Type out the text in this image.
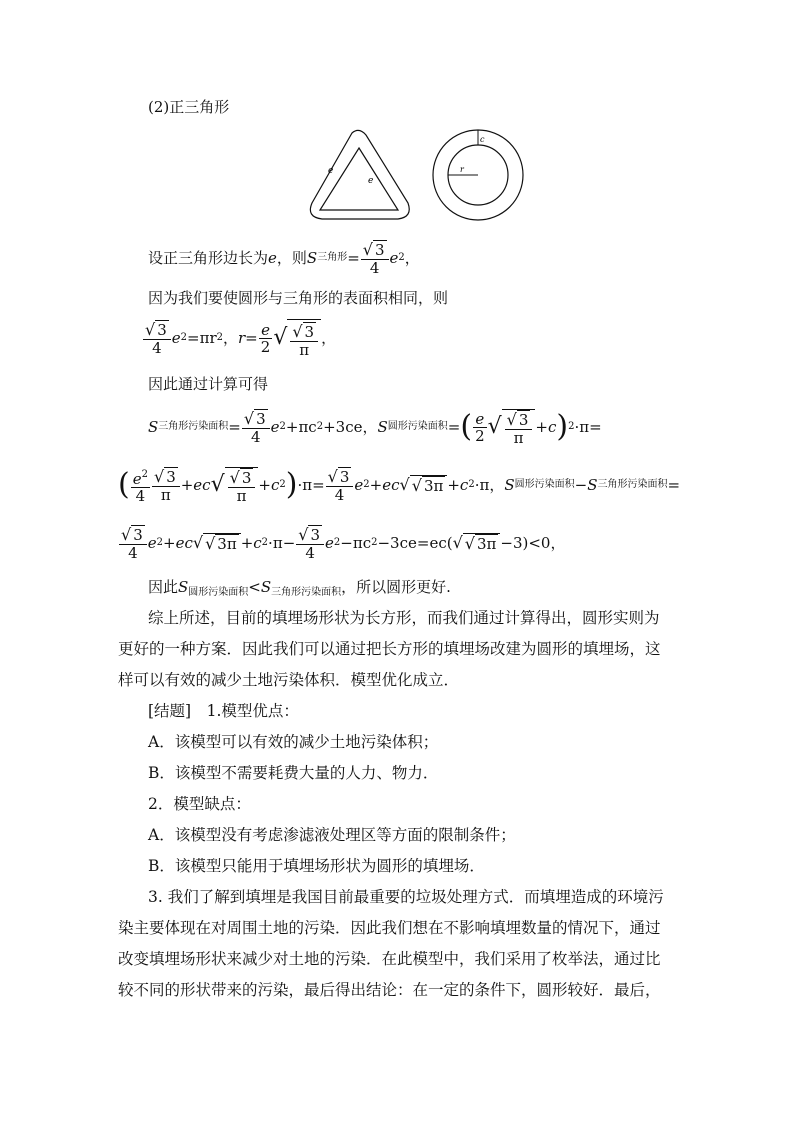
(2)正三角形
e
e
c
r
设正三角形边长为 e ，则 S 三角形 = $\frac{√ 3}{4}$ e 2 ，
因为我们要使圆形与三角形的表面积相同，则
$\frac{√ 3}{4}$ e 2 =πr 2 ， $r= \frac{e}{2}$ √ $\frac{√ 3}{\pi}$ ，
因此通过计算可得
S 三角形污染面积 = $\frac{√ 3}{4}$ e 2 +πc 2 +3ce ， S 圆形污染面积 = ( $\frac{e}{2}$ √ $\frac{√ 3}{\pi} +c$ ) 2 ·π=
( $\frac{e^2}{4} \frac{√ 3}{\pi} +ec$ √ $\frac{√ 3}{\pi} +c$ 2 ) $\cdot\pi= \frac{√ 3}{4}$ e 2 +ec √ √ 3π +c 2 ·π ， S 圆形污染面积 − S 三角形污染面积 =
$\frac{√ 3}{4}$ e 2 +ec √ √ 3π +c $2 \cdot\pi - \frac{√ 3}{4}$ e 2 −πc 2 −3ce=ec( √ √ 3π −3)<0，
因此$S_{圆形污染面积}<S_{三角形污染面积}$，所以圆形更好.
综上所述，目前的填埋场形状为长方形，而我们通过计算得出，圆形实则为
更好的一种方案．因此我们可以通过把长方形的填埋场改建为圆形的填埋场，这
样可以有效的减少土地污染体积．模型优化成立．
[结题]　1.模型优点：
A．该模型可以有效的减少土地污染体积；
B．该模型不需要耗费大量的人力、物力．
2．模型缺点：
A．该模型没有考虑渗滤液处理区等方面的限制条件；
B．该模型只能用于填埋场形状为圆形的填埋场．
3. 我们了解到填埋是我国目前最重要的垃圾处理方式．而填埋造成的环境污
染主要体现在对周围土地的污染．因此我们想在不影响填埋数量的情况下，通过
改变填埋场形状来减少对土地的污染．在此模型中，我们采用了枚举法，通过比
较不同的形状带来的污染，最后得出结论：在一定的条件下，圆形较好．最后，
